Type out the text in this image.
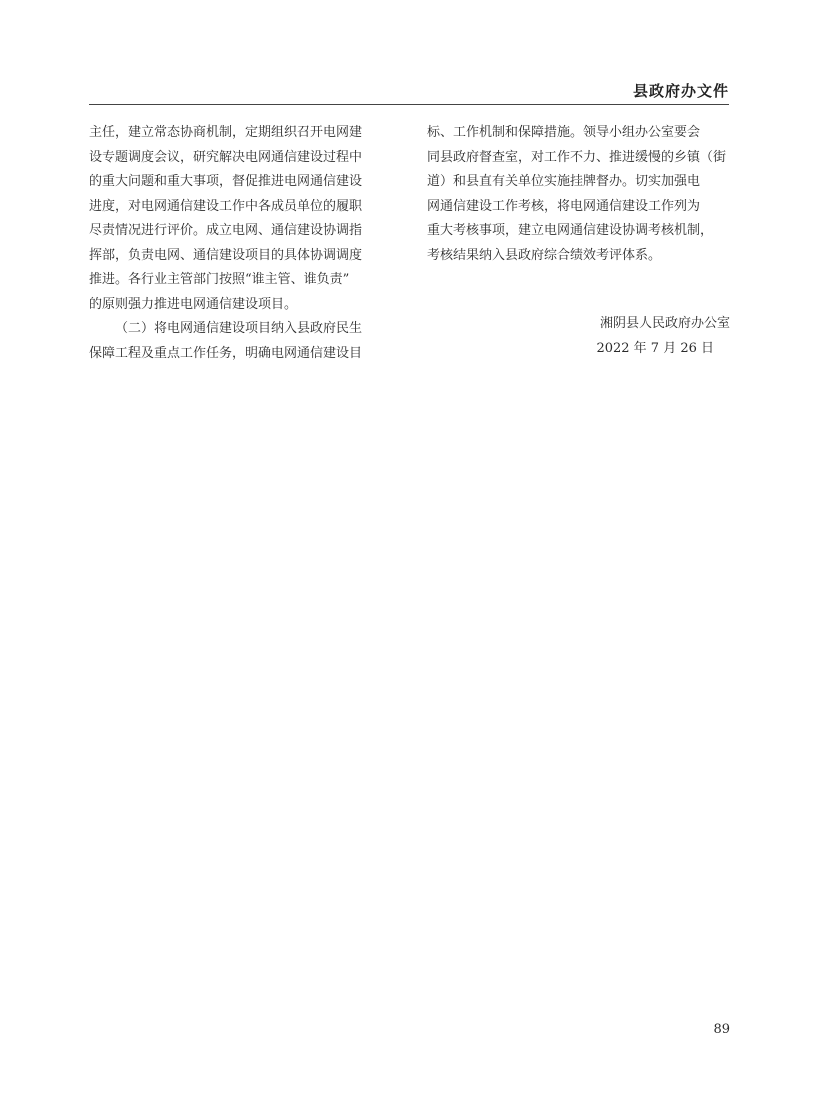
县政府办文件
主任，建立常态协商机制，定期组织召开电网建
设专题调度会议，研究解决电网通信建设过程中
的重大问题和重大事项，督促推进电网通信建设
进度，对电网通信建设工作中各成员单位的履职
尽责情况进行评价。成立电网、通信建设协调指
挥部，负责电网、通信建设项目的具体协调调度
推进。各行业主管部门按照“谁主管、谁负责”
的原则强力推进电网通信建设项目。
（二）将电网通信建设项目纳入县政府民生
保障工程及重点工作任务，明确电网通信建设目
标、工作机制和保障措施。领导小组办公室要会
同县政府督查室，对工作不力、推进缓慢的乡镇（街
道）和县直有关单位实施挂牌督办。切实加强电
网通信建设工作考核，将电网通信建设工作列为
重大考核事项，建立电网通信建设协调考核机制，
考核结果纳入县政府综合绩效考评体系。
湘阴县人民政府办公室
2022 年 7 月 26 日
89
